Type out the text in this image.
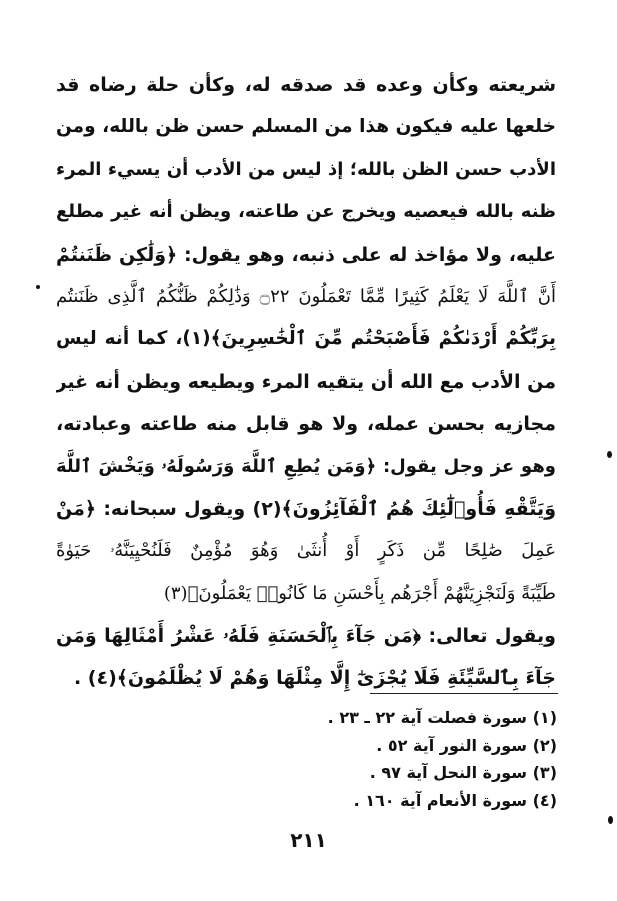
شريعته وكأن وعده قد صدقه له، وكأن حلة رضاه قد
خلعها عليه فيكون هذا من المسلم حسن ظن بالله، ومن
الأدب حسن الظن بالله؛ إذ ليس من الأدب أن يسيء المرء
ظنه بالله فيعصيه ويخرج عن طاعته، ويظن أنه غير مطلع
عليه، ولا مؤاخذ له على ذنبه، وهو يقول: ﴿وَلَٰكِن ظَنَنتُمْ
أَنَّ ٱللَّهَ لَا يَعْلَمُ كَثِيرًا مِّمَّا تَعْمَلُونَ ۝٢٢ وَذَٰلِكُمْ ظَنُّكُمُ ٱلَّذِى ظَنَنتُم
بِرَبِّكُمْ أَرْدَىٰكُمْ فَأَصْبَحْتُم مِّنَ ٱلْخَٰسِرِينَ﴾(١)، كما أنه ليس
من الأدب مع الله أن يتقيه المرء ويطيعه ويظن أنه غير
مجازيه بحسن عمله، ولا هو قابل منه طاعته وعبادته،
وهو عز وجل يقول: ﴿وَمَن يُطِعِ ٱللَّهَ وَرَسُولَهُۥ وَيَخْشَ ٱللَّهَ
وَيَتَّقْهِ فَأُو۟لَٰٓئِكَ هُمُ ٱلْفَآئِزُونَ﴾(٢) ويقول سبحانه: ﴿مَنْ
عَمِلَ صَٰلِحًا مِّن ذَكَرٍ أَوْ أُنثَىٰ وَهُوَ مُؤْمِنٌ فَلَنُحْيِيَنَّهُۥ حَيَوٰةً
طَيِّبَةً وَلَنَجْزِيَنَّهُمْ أَجْرَهُم بِأَحْسَنِ مَا كَانُوا۟ يَعْمَلُونَ﴾(٣)
ويقول تعالى: ﴿مَن جَآءَ بِٱلْحَسَنَةِ فَلَهُۥ عَشْرُ أَمْثَالِهَا وَمَن
جَآءَ بِٱلسَّيِّئَةِ فَلَا يُجْزَىٰٓ إِلَّا مِثْلَهَا وَهُمْ لَا يُظْلَمُونَ﴾(٤) .
(١) سورة فصلت آية ٢٢ ـ ٢٣ .
(٢) سورة النور آية ٥٢ .
(٣) سورة النحل آية ٩٧ .
(٤) سورة الأنعام آية ١٦٠ .
٢١١
